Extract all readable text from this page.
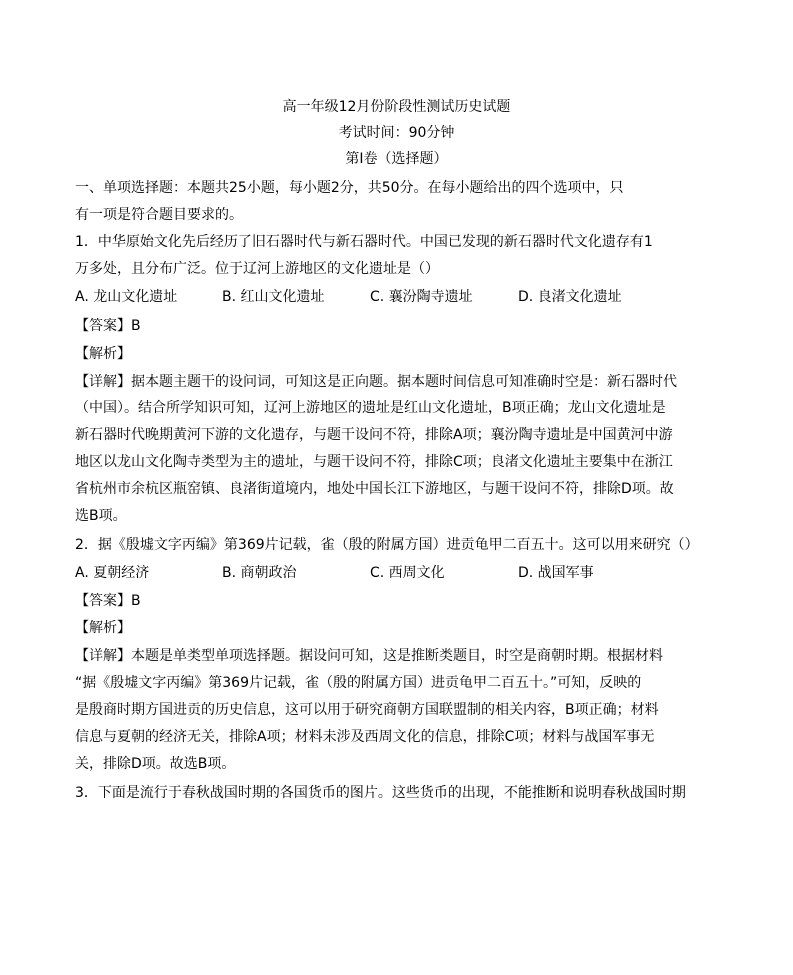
高一年级12月份阶段性测试历史试题
考试时间：90分钟
第I卷（选择题）
一、单项选择题：本题共25小题，每小题2分，共50分。在每小题给出的四个选项中，只
有一项是符合题目要求的。
1．中华原始文化先后经历了旧石器时代与新石器时代。中国已发现的新石器时代文化遗存有1
万多处，且分布广泛。位于辽河上游地区的文化遗址是（）
A. 龙山文化遗址	B. 红山文化遗址	C. 襄汾陶寺遗址	D. 良渚文化遗址
【答案】B
【解析】
【详解】据本题主题干的设问词，可知这是正向题。据本题时间信息可知准确时空是：新石器时代
（中国）。结合所学知识可知，辽河上游地区的遗址是红山文化遗址，B项正确；龙山文化遗址是
新石器时代晚期黄河下游的文化遗存，与题干设问不符，排除A项；襄汾陶寺遗址是中国黄河中游
地区以龙山文化陶寺类型为主的遗址，与题干设问不符，排除C项；良渚文化遗址主要集中在浙江
省杭州市余杭区瓶窑镇、良渚街道境内，地处中国长江下游地区，与题干设问不符，排除D项。故
选B项。
2．据《殷墟文字丙编》第369片记载，雀（殷的附属方国）进贡龟甲二百五十。这可以用来研究（）
A. 夏朝经济	B. 商朝政治	C. 西周文化	D. 战国军事
【答案】B
【解析】
【详解】本题是单类型单项选择题。据设问可知，这是推断类题目，时空是商朝时期。根据材料
“据《殷墟文字丙编》第369片记载，雀（殷的附属方国）进贡龟甲二百五十。”可知，反映的
是殷商时期方国进贡的历史信息，这可以用于研究商朝方国联盟制的相关内容，B项正确；材料
信息与夏朝的经济无关，排除A项；材料未涉及西周文化的信息，排除C项；材料与战国军事无
关，排除D项。故选B项。
3．下面是流行于春秋战国时期的各国货币的图片。这些货币的出现，不能推断和说明春秋战国时期
